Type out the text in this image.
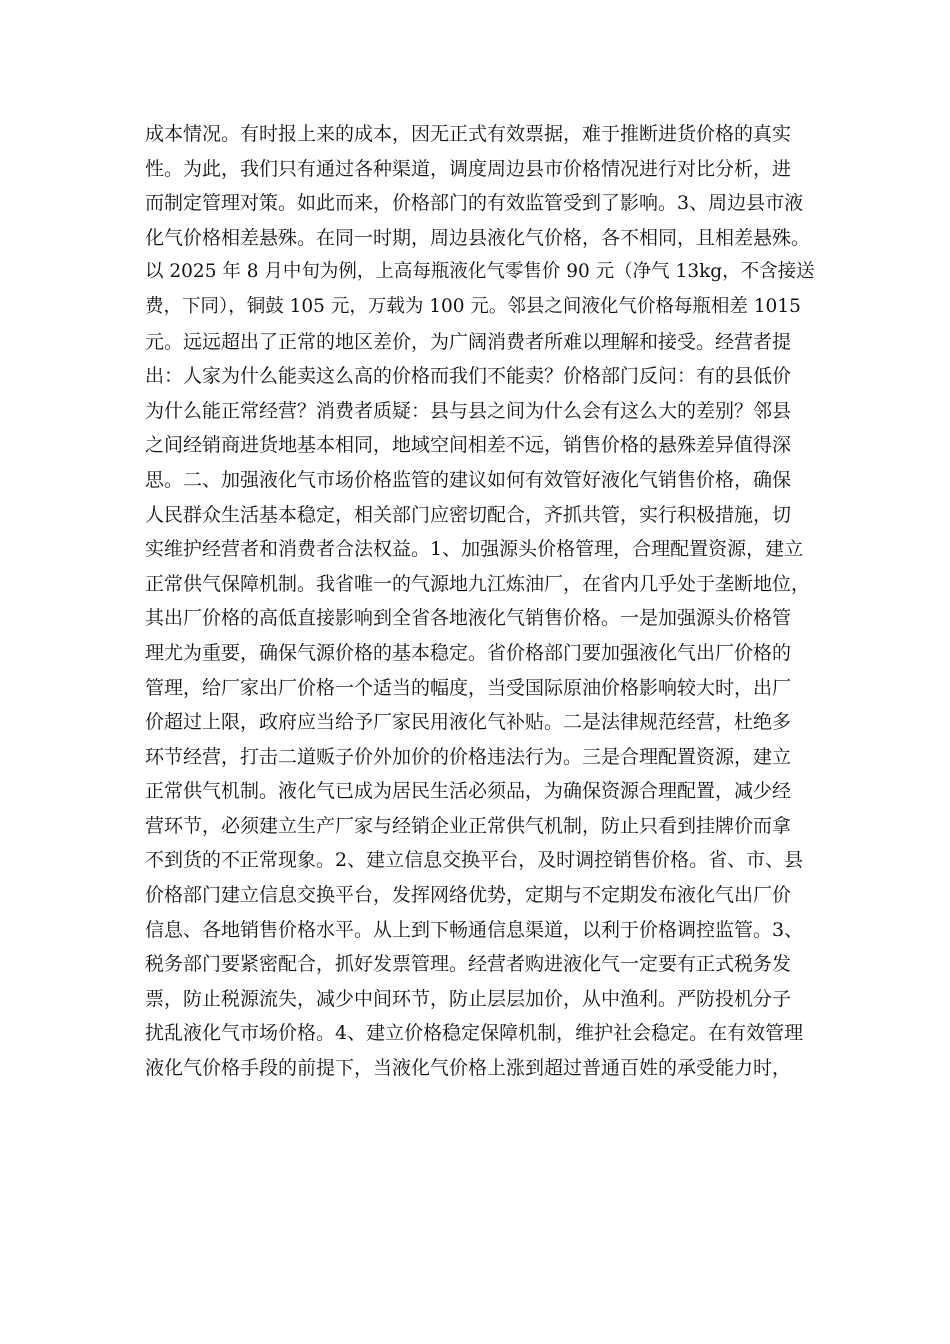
成本情况。有时报上来的成本，因无正式有效票据，难于推断进货价格的真实
性。为此，我们只有通过各种渠道，调度周边县市价格情况进行对比分析，进
而制定管理对策。如此而来，价格部门的有效监管受到了影响。3、周边县市液
化气价格相差悬殊。在同一时期，周边县液化气价格，各不相同，且相差悬殊。
以 2025 年 8 月中旬为例，上高每瓶液化气零售价 90 元（净气 13kg，不含接送
费，下同），铜鼓 105 元，万载为 100 元。邻县之间液化气价格每瓶相差 1015
元。远远超出了正常的地区差价，为广阔消费者所难以理解和接受。经营者提
出：人家为什么能卖这么高的价格而我们不能卖？价格部门反问：有的县低价
为什么能正常经营？消费者质疑：县与县之间为什么会有这么大的差别？邻县
之间经销商进货地基本相同，地域空间相差不远，销售价格的悬殊差异值得深
思。二、加强液化气市场价格监管的建议如何有效管好液化气销售价格，确保
人民群众生活基本稳定，相关部门应密切配合，齐抓共管，实行积极措施，切
实维护经营者和消费者合法权益。1、加强源头价格管理，合理配置资源，建立
正常供气保障机制。我省唯一的气源地九江炼油厂，在省内几乎处于垄断地位，
其出厂价格的高低直接影响到全省各地液化气销售价格。一是加强源头价格管
理尤为重要，确保气源价格的基本稳定。省价格部门要加强液化气出厂价格的
管理，给厂家出厂价格一个适当的幅度，当受国际原油价格影响较大时，出厂
价超过上限，政府应当给予厂家民用液化气补贴。二是法律规范经营，杜绝多
环节经营，打击二道贩子价外加价的价格违法行为。三是合理配置资源，建立
正常供气机制。液化气已成为居民生活必须品，为确保资源合理配置，减少经
营环节，必须建立生产厂家与经销企业正常供气机制，防止只看到挂牌价而拿
不到货的不正常现象。2、建立信息交换平台，及时调控销售价格。省、市、县
价格部门建立信息交换平台，发挥网络优势，定期与不定期发布液化气出厂价
信息、各地销售价格水平。从上到下畅通信息渠道，以利于价格调控监管。3、
税务部门要紧密配合，抓好发票管理。经营者购进液化气一定要有正式税务发
票，防止税源流失，减少中间环节，防止层层加价，从中渔利。严防投机分子
扰乱液化气市场价格。4、建立价格稳定保障机制，维护社会稳定。在有效管理
液化气价格手段的前提下，当液化气价格上涨到超过普通百姓的承受能力时，
